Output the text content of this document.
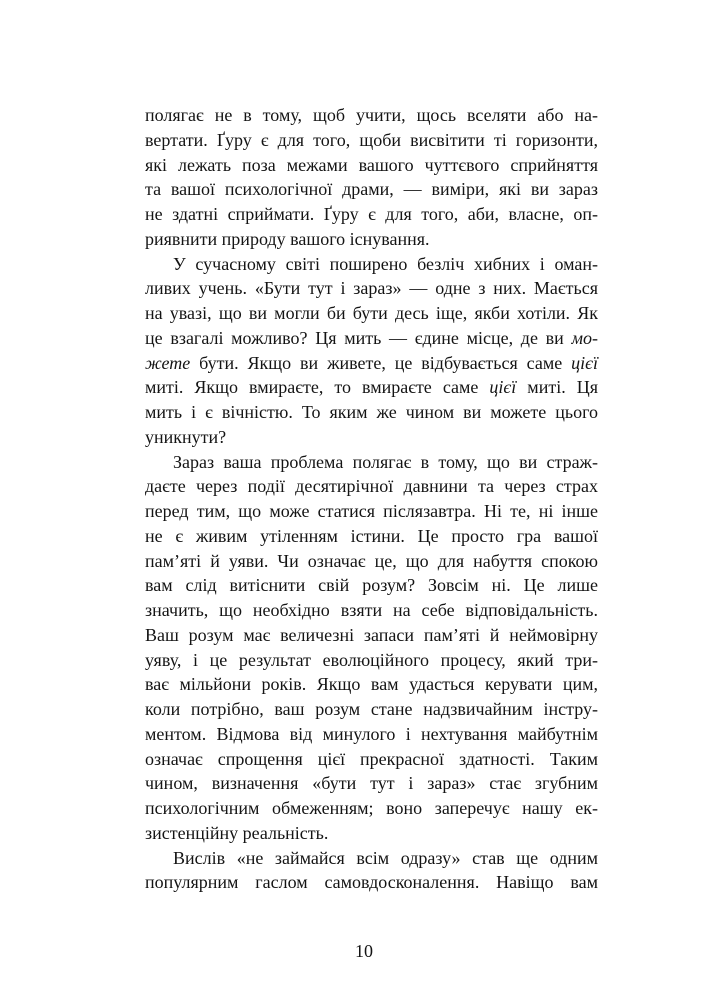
полягає не в тому, щоб учити, щось вселяти або на-
вертати. Ґуру є для того, щоби висвітити ті горизонти,
які лежать поза межами вашого чуттєвого сприйняття
та вашої психологічної драми, — виміри, які ви зараз
не здатні сприймати. Ґуру є для того, аби, власне, оп-
риявнити природу вашого існування.
У сучасному світі поширено безліч хибних і оман-
ливих учень. «Бути тут і зараз» — одне з них. Мається
на увазі, що ви могли би бути десь іще, якби хотіли. Як
це взагалі можливо? Ця мить — єдине місце, де ви мо-
жете бути. Якщо ви живете, це відбувається саме цієї
миті. Якщо вмираєте, то вмираєте саме цієї миті. Ця
мить і є вічністю. То яким же чином ви можете цього
уникнути?
Зараз ваша проблема полягає в тому, що ви страж-
даєте через події десятирічної давнини та через страх
перед тим, що може статися післязавтра. Ні те, ні інше
не є живим утіленням істини. Це просто гра вашої
пам’яті й уяви. Чи означає це, що для набуття спокою
вам слід витіснити свій розум? Зовсім ні. Це лише
значить, що необхідно взяти на себе відповідальність.
Ваш розум має величезні запаси пам’яті й неймовірну
уяву, і це результат еволюційного процесу, який три-
ває мільйони років. Якщо вам удасться керувати цим,
коли потрібно, ваш розум стане надзвичайним інстру-
ментом. Відмова від минулого і нехтування майбутнім
означає спрощення цієї прекрасної здатності. Таким
чином, визначення «бути тут і зараз» стає згубним
психологічним обмеженням; воно заперечує нашу ек-
зистенційну реальність.
Вислів «не займайся всім одразу» став ще одним
популярним гаслом самовдосконалення. Навіщо вам
10
